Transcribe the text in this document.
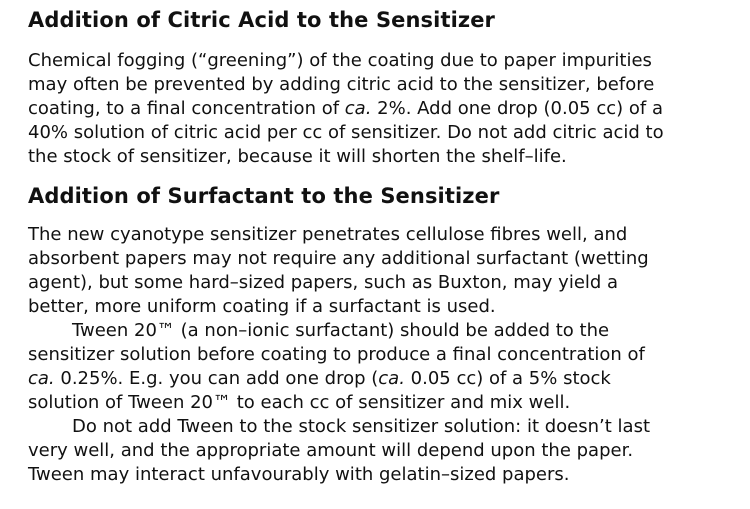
Addition of Citric Acid to the Sensitizer
Chemical fogging (“greening”) of the coating due to paper impurities
may often be prevented by adding citric acid to the sensitizer, before
coating, to a final concentration of ca. 2%. Add one drop (0.05 cc) of a
40% solution of citric acid per cc of sensitizer. Do not add citric acid to
the stock of sensitizer, because it will shorten the shelf–life.
Addition of Surfactant to the Sensitizer
The new cyanotype sensitizer penetrates cellulose fibres well, and
absorbent papers may not require any additional surfactant (wetting
agent), but some hard–sized papers, such as Buxton, may yield a
better, more uniform coating if a surfactant is used.
Tween 20™ (a non–ionic surfactant) should be added to the
sensitizer solution before coating to produce a final concentration of
ca. 0.25%. E.g. you can add one drop (ca. 0.05 cc) of a 5% stock
solution of Tween 20™ to each cc of sensitizer and mix well.
Do not add Tween to the stock sensitizer solution: it doesn’t last
very well, and the appropriate amount will depend upon the paper.
Tween may interact unfavourably with gelatin–sized papers.
